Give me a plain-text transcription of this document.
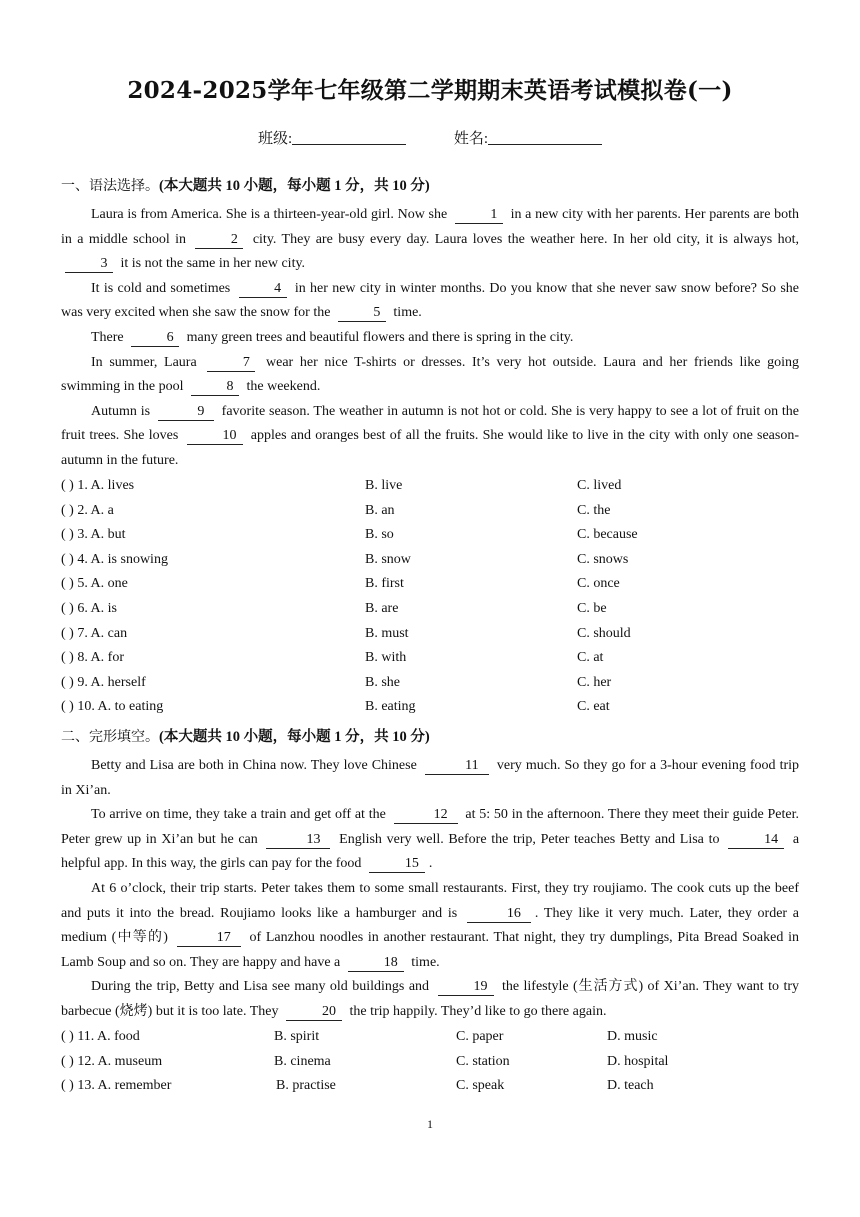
2024-2025学年七年级第二学期期末英语考试模拟卷(一)
班级:	姓名:
一、语法选择。(本大题共 10 小题，每小题 1 分，共 10 分)

Laura is from America. She is a thirteen-year-old girl. Now she	1 in a new city with her parents. Her parents are both in a middle school in	2 city. They are busy every day. Laura loves the weather here. In her old city, it is always hot, 3 it is not the same in her new city.

It is cold and sometimes	4 in her new city in winter months. Do you know that she never saw snow before? So she was very excited when she saw the snow for the	5 time.

There	6 many green trees and beautiful flowers and there is spring in the city.

In summer, Laura	7 wear her nice T-shirts or dresses. It’s very hot outside. Laura and her friends like going swimming in the pool	8 the weekend.

Autumn is	9 favorite season. The weather in autumn is not hot or cold. She is very happy to see a lot of fruit on the fruit trees. She loves	10 apples and oranges best of all the fruits. She would like to live in the city with only one season-autumn in the future.

( ) 1. A. lives	B. live	C. lived
( ) 2. A. a	B. an	C. the
( ) 3. A. but	B. so	C. because
( ) 4. A. is snowing	B. snow	C. snows
( ) 5. A. one	B. first	C. once
( ) 6. A. is	B. are	C. be
( ) 7. A. can	B. must	C. should
( ) 8. A. for	B. with	C. at
( ) 9. A. herself	B. she	C. her
( ) 10. A. to eating	B. eating	C. eat
二、完形填空。(本大题共 10 小题，每小题 1 分，共 10 分)

Betty and Lisa are both in China now. They love Chinese	11 very much. So they go for a 3-hour evening food trip in Xi’an.

To arrive on time, they take a train and get off at the	12 at 5: 50 in the afternoon. There they meet their guide Peter. Peter grew up in Xi’an but he can	13 English very well. Before the trip, Peter teaches Betty and Lisa to	14 a helpful app. In this way, the girls can pay for the food	15 .

At 6 o’clock, their trip starts. Peter takes them to some small restaurants. First, they try roujiamo. The cook cuts up the beef and puts it into the bread. Roujiamo looks like a hamburger and is	16 . They like it very much. Later, they order a medium (中等的)	17 of Lanzhou noodles in another restaurant. That night, they try dumplings, Pita Bread Soaked in Lamb Soup and so on. They are happy and have a	18 time.

During the trip, Betty and Lisa see many old buildings and	19 the lifestyle (生活方式) of Xi’an. They want to try barbecue (烧烤) but it is too late. They	20 the trip happily. They’d like to go there again.

( ) 11. A. food	B. spirit	C. paper	D. music
( ) 12. A. museum	B. cinema	C. station	D. hospital
( ) 13. A. remember	B. practise	C. speak	D. teach
1
